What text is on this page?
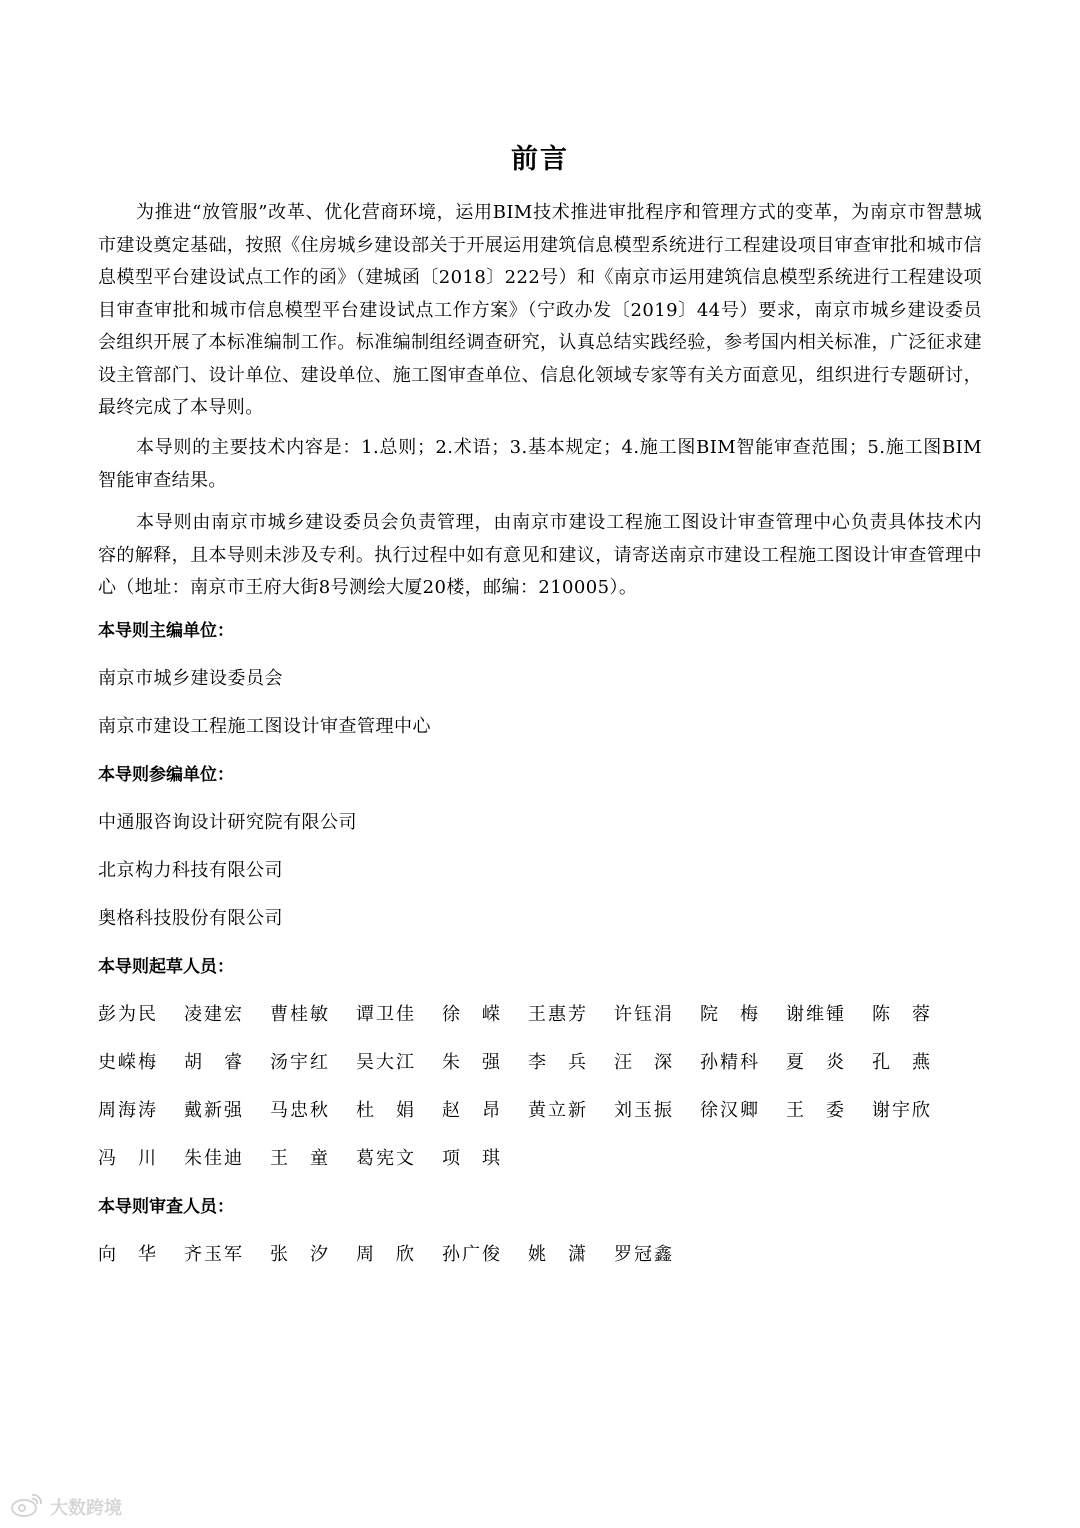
前言

为推进“放管服”改革、优化营商环境，运用BIM技术推进审批程序和管理方式的变革，为南京市智慧城市建设奠定基础，按照《住房城乡建设部关于开展运用建筑信息模型系统进行工程建设项目审查审批和城市信息模型平台建设试点工作的函》（建城函〔2018〕222号）和《南京市运用建筑信息模型系统进行工程建设项目审查审批和城市信息模型平台建设试点工作方案》（宁政办发〔2019〕44号）要求，南京市城乡建设委员会组织开展了本标准编制工作。标准编制组经调查研究，认真总结实践经验，参考国内相关标准，广泛征求建设主管部门、设计单位、建设单位、施工图审查单位、信息化领域专家等有关方面意见，组织进行专题研讨，最终完成了本导则。

本导则的主要技术内容是：1.总则；2.术语；3.基本规定；4.施工图BIM智能审查范围；5.施工图BIM智能审查结果。

本导则由南京市城乡建设委员会负责管理，由南京市建设工程施工图设计审查管理中心负责具体技术内容的解释，且本导则未涉及专利。执行过程中如有意见和建议，请寄送南京市建设工程施工图设计审查管理中心（地址：南京市王府大街8号测绘大厦20楼，邮编：210005）。

本导则主编单位：

南京市城乡建设委员会

南京市建设工程施工图设计审查管理中心

本导则参编单位：

中通服咨询设计研究院有限公司

北京构力科技有限公司

奥格科技股份有限公司

本导则起草人员：

彭为民 凌建宏 曹桂敏 谭卫佳 徐嵘 王惠芳 许钰涓 院梅 谢维锺 陈蓉
史嵘梅 胡睿 汤宇红 吴大江 朱强 李兵 汪深 孙精科 夏炎 孔燕
周海涛 戴新强 马忠秋 杜娟 赵昂 黄立新 刘玉振 徐汉卿 王委 谢宇欣
冯川 朱佳迪 王童 葛宪文 项琪

本导则审查人员：

向华 齐玉军 张汐 周欣 孙广俊 姚潇 罗冠鑫
大数跨境
